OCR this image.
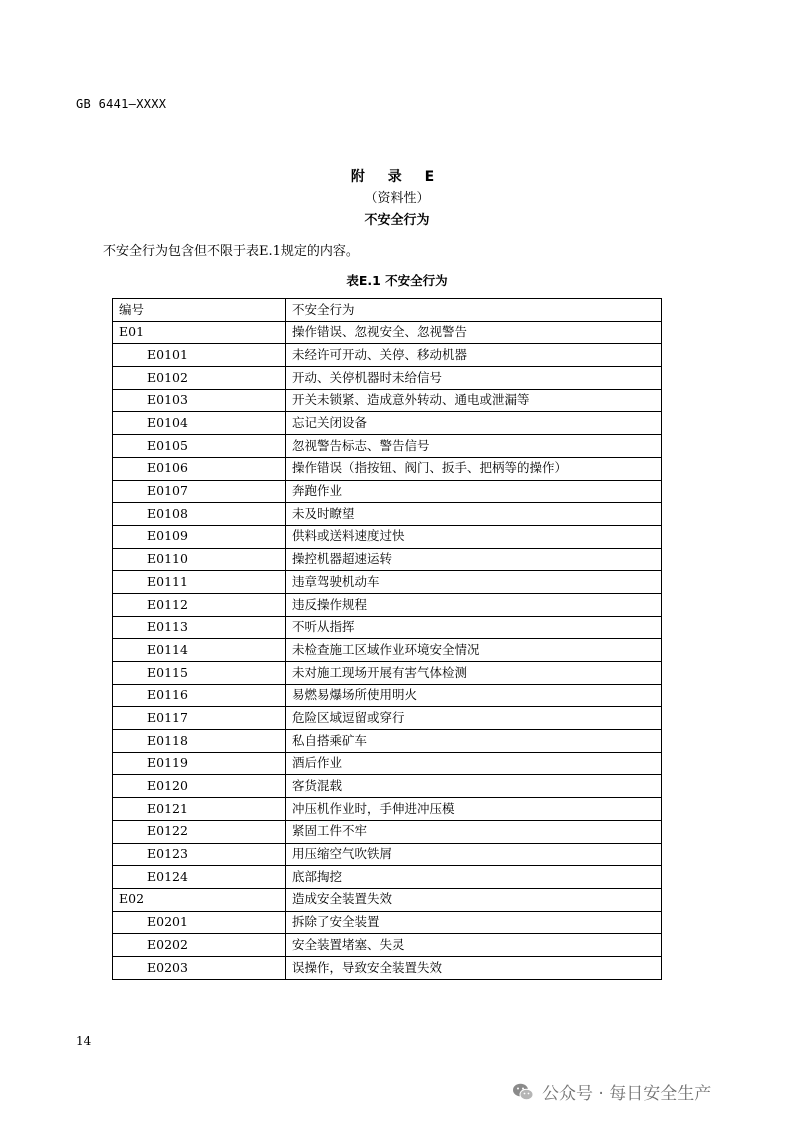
GB 6441—XXXX
附 录 E
（资料性）
不安全行为
不安全行为包含但不限于表E.1规定的内容。
表E.1 不安全行为
编号	不安全行为
E01	操作错误、忽视安全、忽视警告
E0101	未经许可开动、关停、移动机器
E0102	开动、关停机器时未给信号
E0103	开关未锁紧、造成意外转动、通电或泄漏等
E0104	忘记关闭设备
E0105	忽视警告标志、警告信号
E0106	操作错误（指按钮、阀门、扳手、把柄等的操作）
E0107	奔跑作业
E0108	未及时瞭望
E0109	供料或送料速度过快
E0110	操控机器超速运转
E0111	违章驾驶机动车
E0112	违反操作规程
E0113	不听从指挥
E0114	未检查施工区域作业环境安全情况
E0115	未对施工现场开展有害气体检测
E0116	易燃易爆场所使用明火
E0117	危险区域逗留或穿行
E0118	私自搭乘矿车
E0119	酒后作业
E0120	客货混载
E0121	冲压机作业时，手伸进冲压模
E0122	紧固工件不牢
E0123	用压缩空气吹铁屑
E0124	底部掏挖
E02	造成安全装置失效
E0201	拆除了安全装置
E0202	安全装置堵塞、失灵
E0203	误操作，导致安全装置失效
14
公众号 · 每日安全生产
